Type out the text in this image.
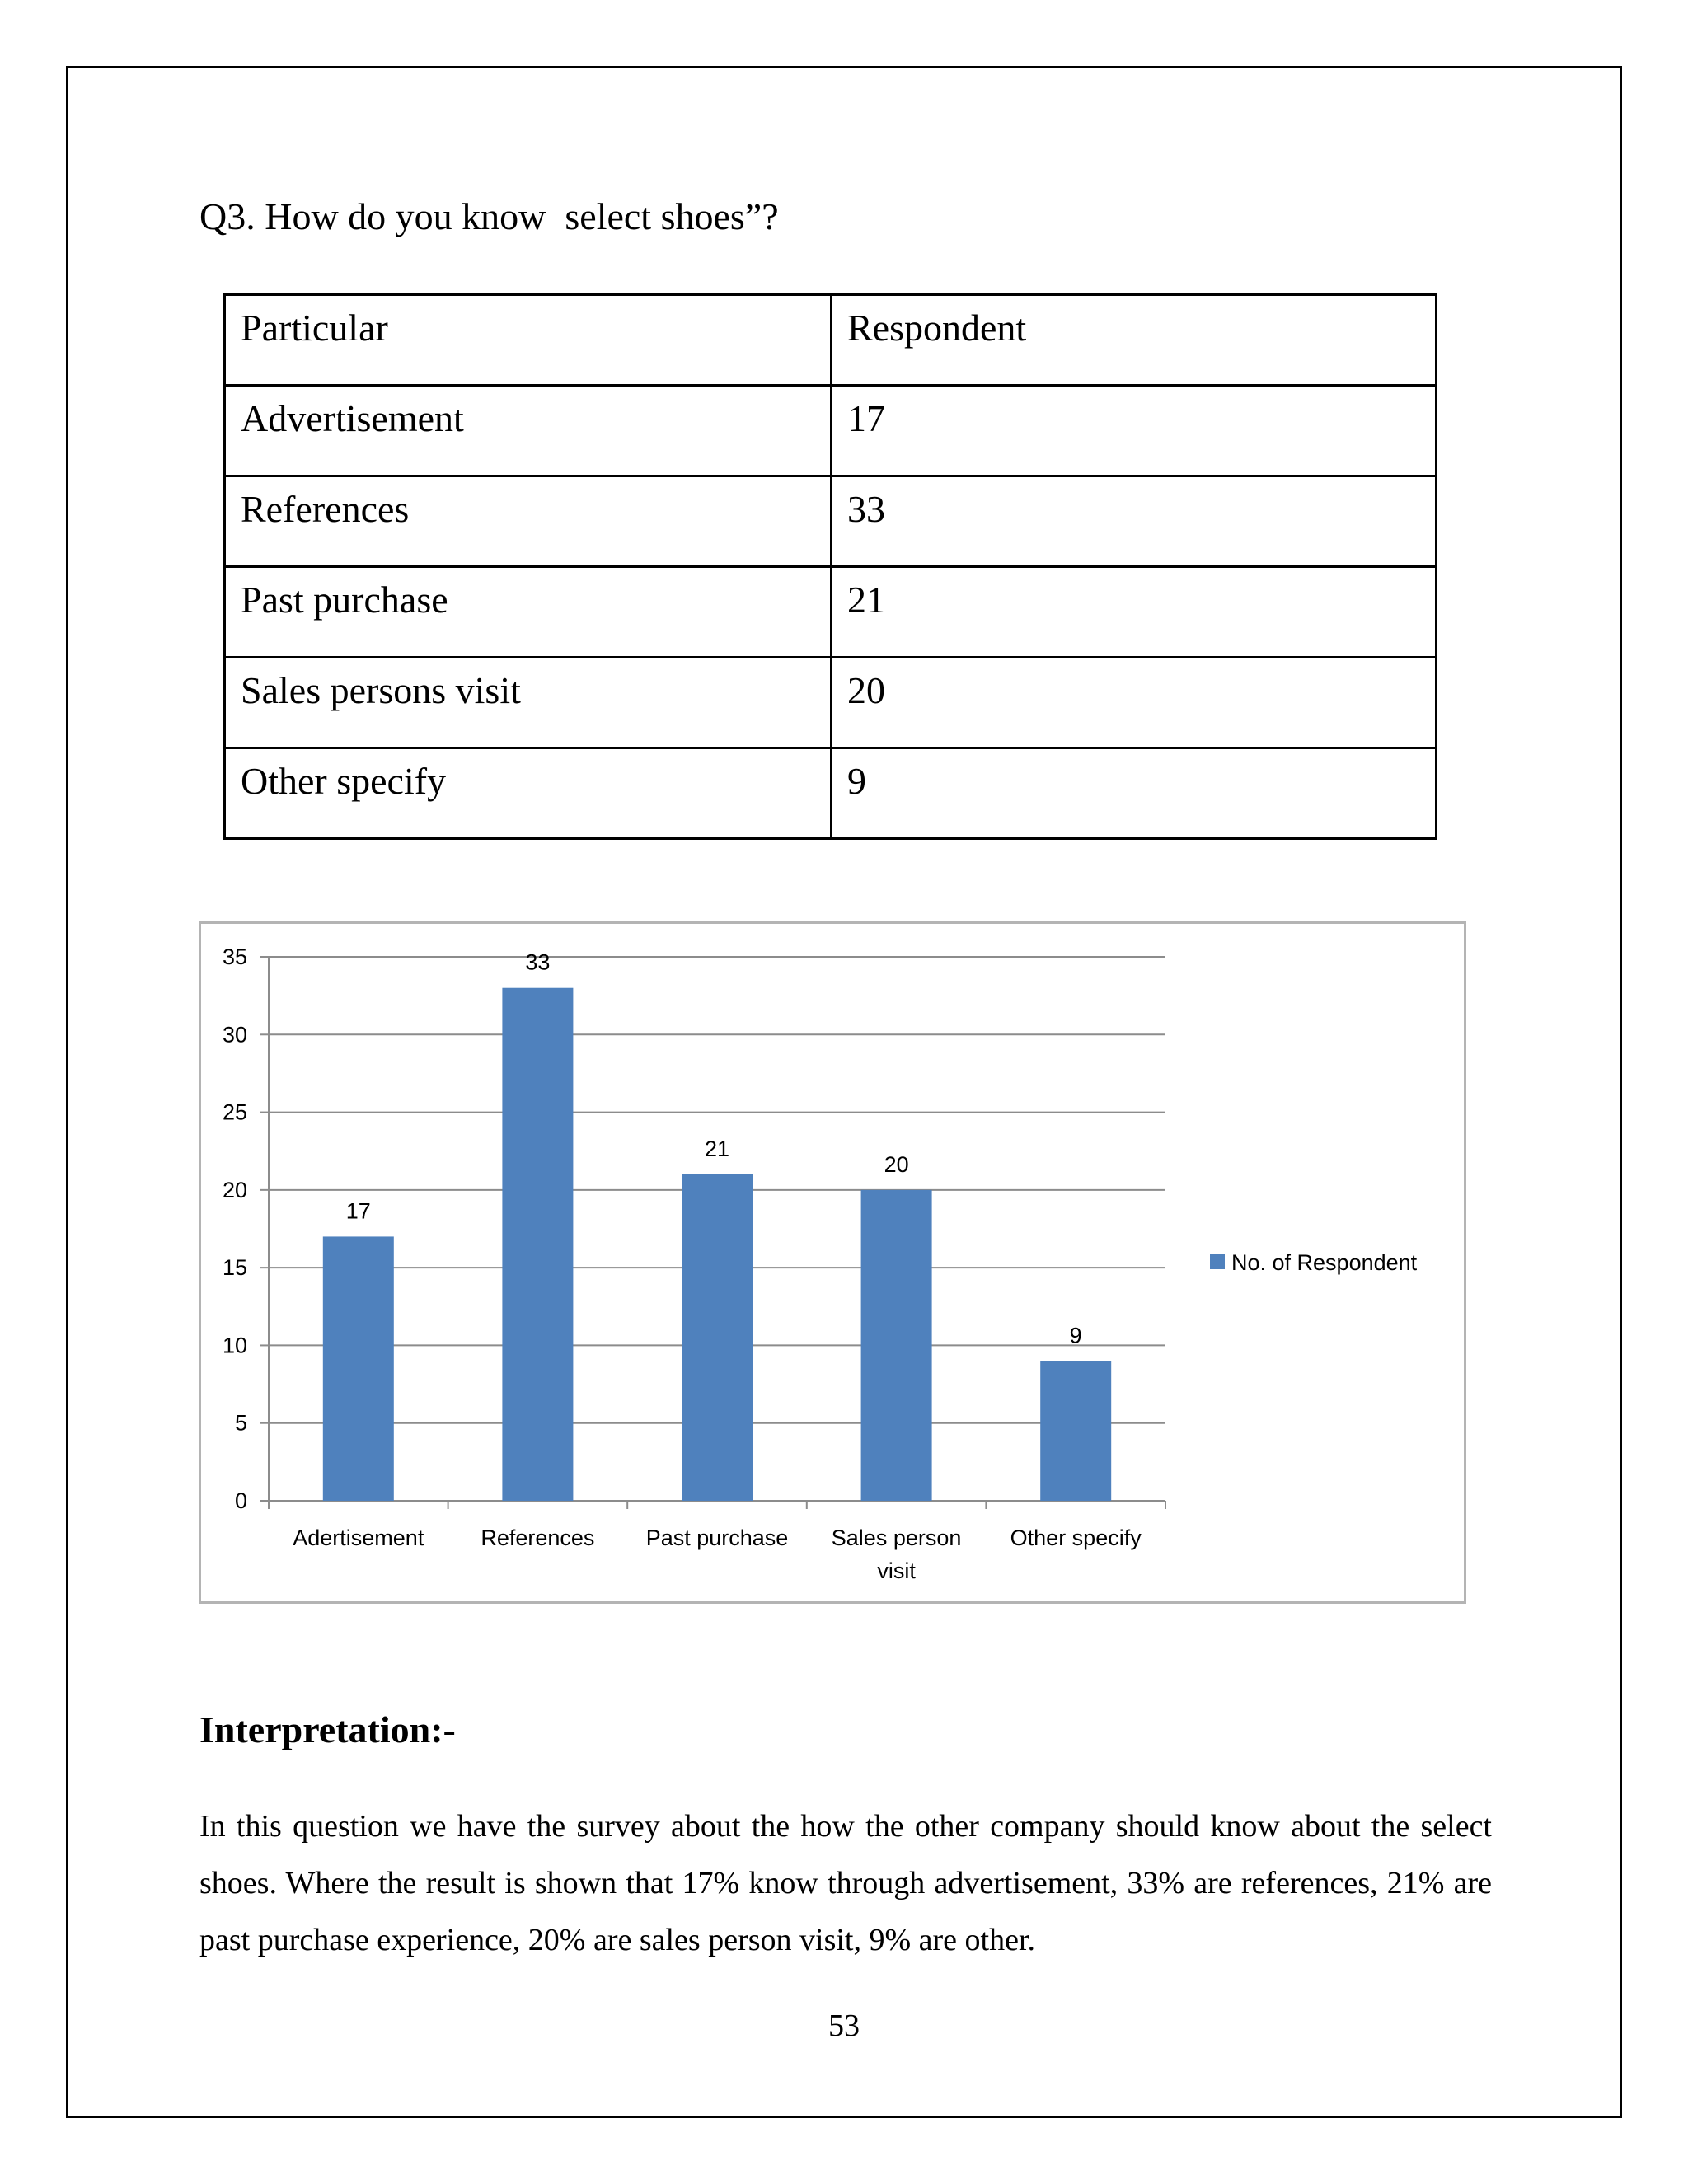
Q3. How do you know  select shoes”?
Particular	Respondent
Advertisement	17
References	33
Past purchase	21
Sales persons visit	20
Other specify	9
0
5
10
15
20
25
30
35
17
Adertisement
33
References
21
Past purchase
20
Sales person
visit
9
Other specify
No. of Respondent
Interpretation:-
In this question we have the survey about the how the other company should know about the select shoes. Where the result is shown that 17% know through advertisement, 33% are references, 21% are past purchase experience, 20% are sales person visit, 9% are other.
53
